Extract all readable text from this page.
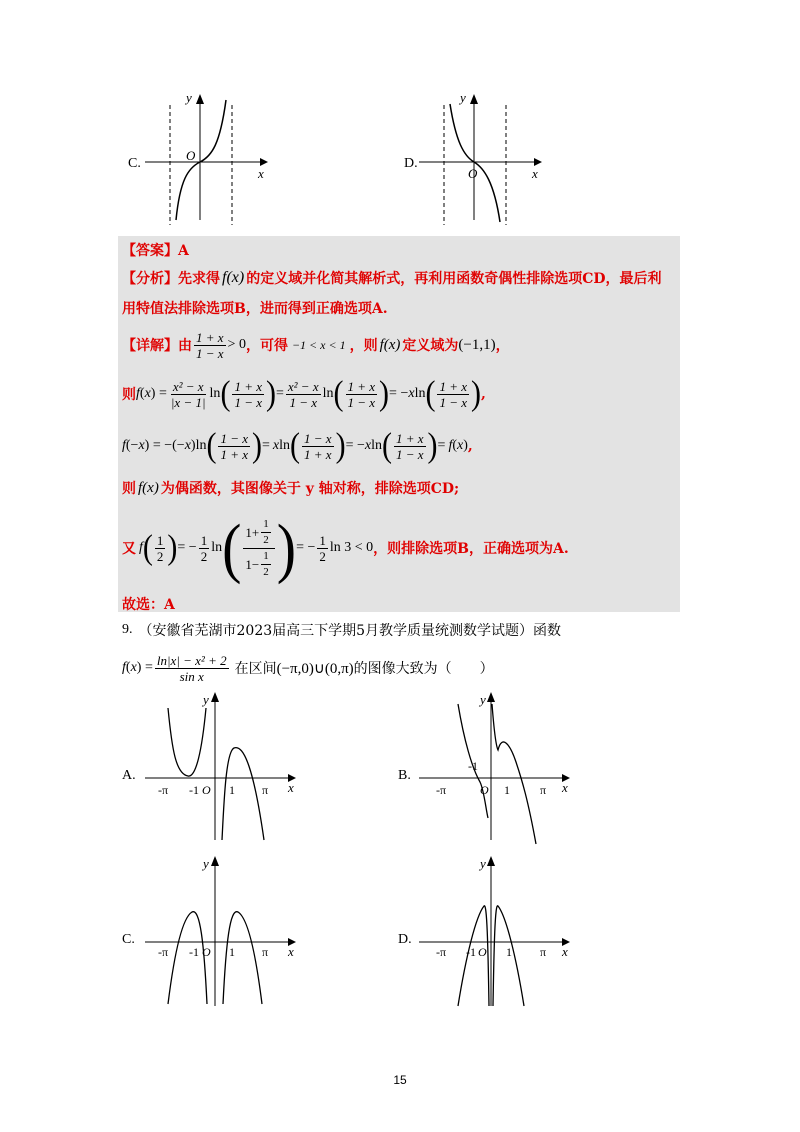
C.
y
x
O
D.
y
x
O
【答案】A
【分析】先求得 f(x) 的定义域并化简其解析式，再利用函数奇偶性排除选项CD，最后利
用特值法排除选项B，进而得到正确选项A.
【详解】由 $\frac{1 + x}{1 - x} > 0$ ，可得 −1 < x < 1 ，则 f(x) 定义域为 (−1,1) ，
则 f ( x ) = $\frac{\text{x² − x}}{|x - 1|}$ ln ( $\frac{1 + x}{1 - x}$ ) = $\frac{\text{x² − x}}{1 - x}$ ln ( $\frac{1 + x}{1 - x}$ ) = − x ln ( $\frac{1 + x}{1 - x}$ ) ,
f (− x ) = −(− x )ln ( $\frac{1 - x}{1 + x}$ ) = x ln ( $\frac{1 - x}{1 + x}$ ) = − x ln ( $\frac{1 + x}{1 - x}$ ) = f ( x ) ,
则 f(x) 为偶函数，其图像关于 y 轴对称，排除选项CD;
又 f ( $\frac{1}{2}$ ) = − $\frac{1}{2}$ ln ( $\frac{1+ \frac{1}{2}}{1- \frac{1}{2}}$ ) = − $\frac{1}{2}$ ln 3 < 0 ，则排除选项B，正确选项为A.
故选：A
9. （安徽省芜湖市2023届高三下学期5月教学质量统测数学试题）函数
f ( x ) = $\frac{\text{ln|x| − x² + 2}}{\text{sin x}}$ 在区间 (−π,0)∪(0,π) 的图像大致为（　　）
A.
y
x
-π -1 O 1 π
B.
y
x
-π
-1
O 1	π
C.
y
x
-π -1 O 1 π
D.
y
x
-π -1 O 1 π
15
